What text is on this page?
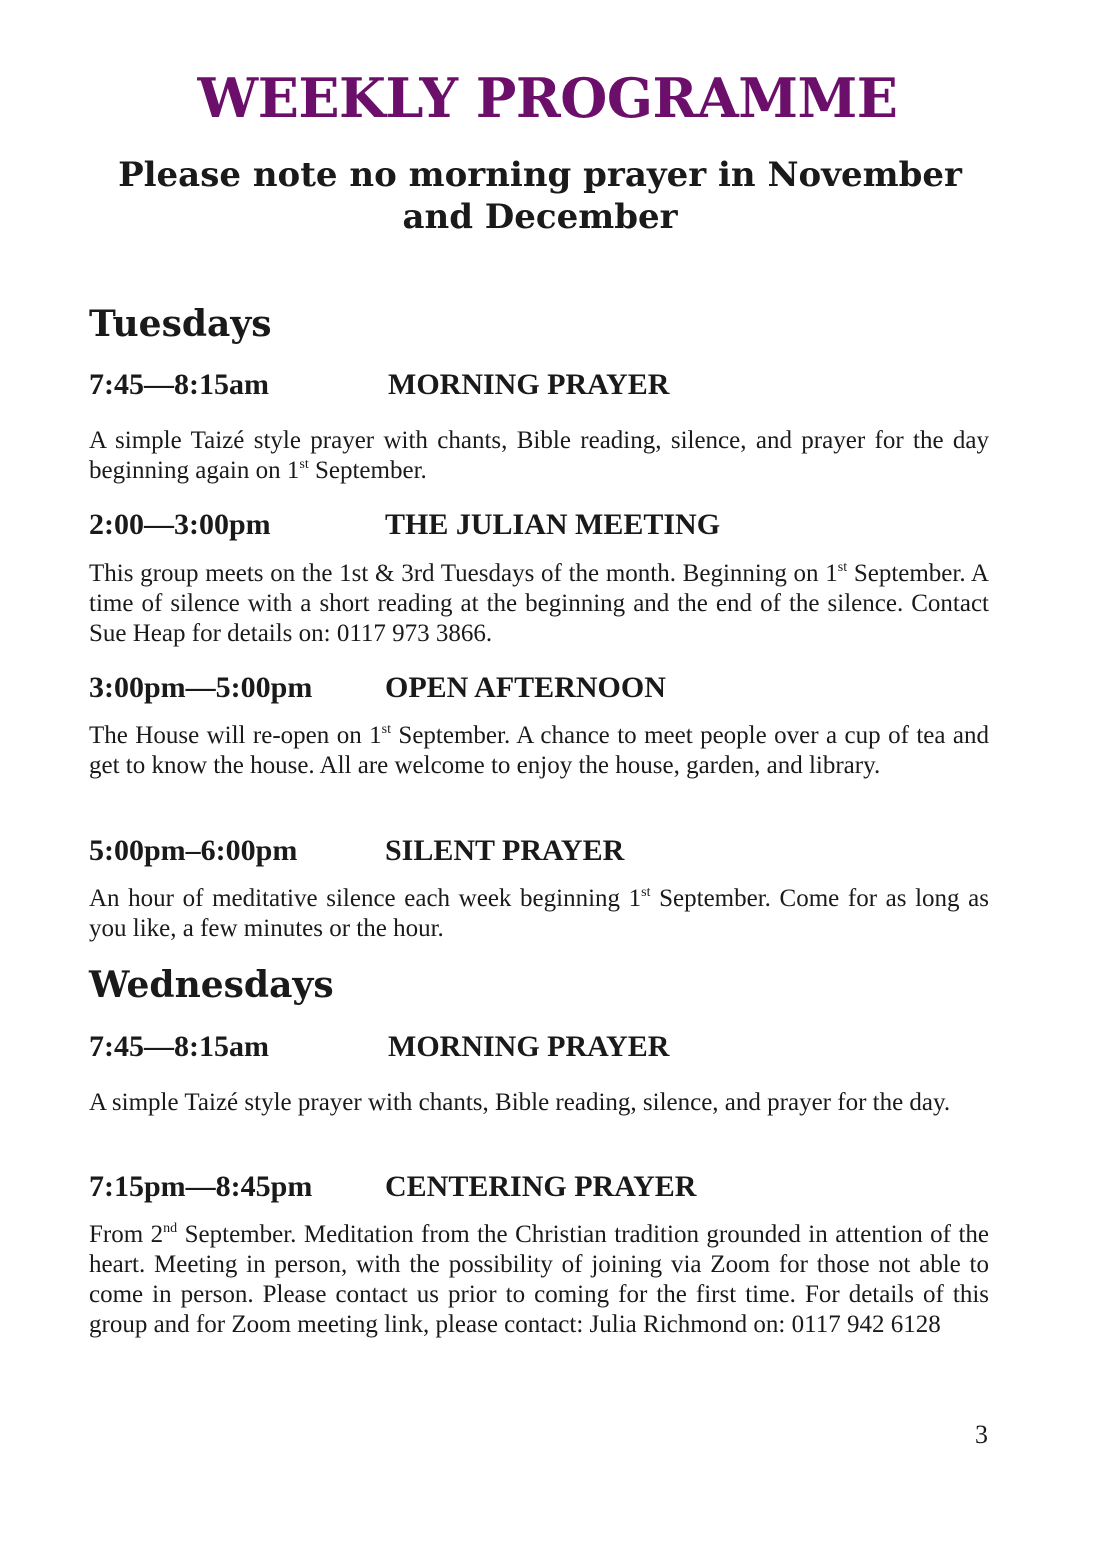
WEEKLY PROGRAMME

Please note no morning prayer in November and December

Tuesdays
7:45—8:15am	MORNING PRAYER

A simple Taizé style prayer with chants, Bible reading, silence, and prayer for the day beginning again on 1st September.

2:00—3:00pm	THE JULIAN MEETING

This group meets on the 1st & 3rd Tuesdays of the month. Beginning on 1st September. A time of silence with a short reading at the beginning and the end of the silence. Contact Sue Heap for details on: 0117 973 3866.

3:00pm—5:00pm OPEN AFTERNOON

The House will re-open on 1st September. A chance to meet people over a cup of tea and get to know the house. All are welcome to enjoy the house, garden, and library.

5:00pm–6:00pm	SILENT PRAYER

An hour of meditative silence each week beginning 1st September. Come for as long as you like, a few minutes or the hour.

Wednesdays
7:45—8:15am	MORNING PRAYER

A simple Taizé style prayer with chants, Bible reading, silence, and prayer for the day.

7:15pm—8:45pm CENTERING PRAYER

From 2nd September. Meditation from the Christian tradition grounded in attention of the heart. Meeting in person, with the possibility of joining via Zoom for those not able to come in person. Please contact us prior to coming for the first time. For details of this group and for Zoom meeting link, please contact: Julia Richmond on: 0117 942 6128

3
